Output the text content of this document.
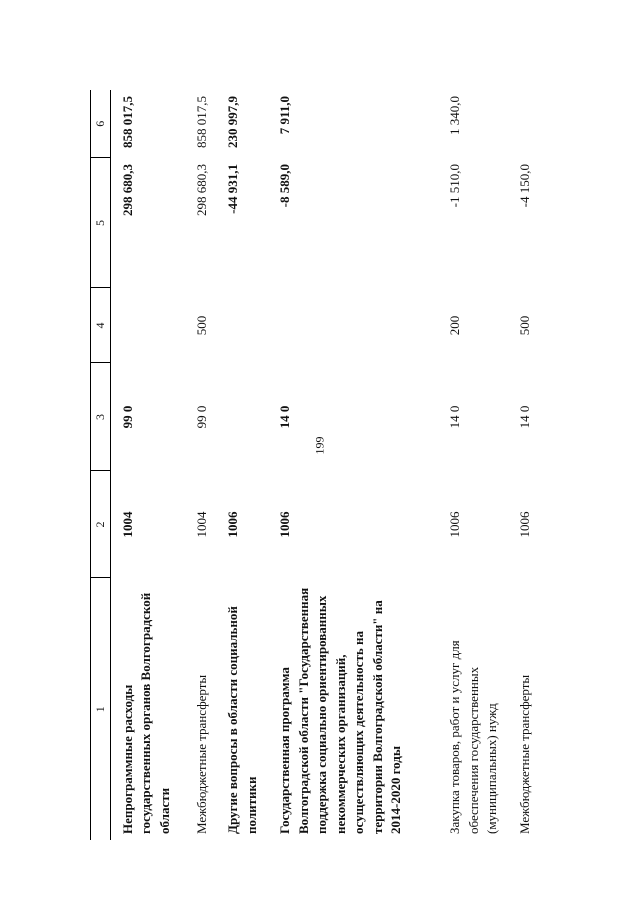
199
1	2	3	4	5	6
Непрограммные расходы государственных органов Волгоградской области	1004	99 0		298 680,3	858 017,5
Межбюджетные трансферты	1004	99 0	500	298 680,3	858 017,5
Другие вопросы в области социальной политики	1006			-44 931,1	230 997,9
Государственная программа Волгоградской области "Государственная поддержка социально ориентированных некоммерческих организаций, осуществляющих деятельность на территории Волгоградской области" на 2014-2020 годы	1006	14 0		-8 589,0	7 911,0
Закупка товаров, работ и услуг для обеспечения государственных (муниципальных) нужд	1006	14 0	200	-1 510,0	1 340,0
Межбюджетные трансферты	1006	14 0	500	-4 150,0	
